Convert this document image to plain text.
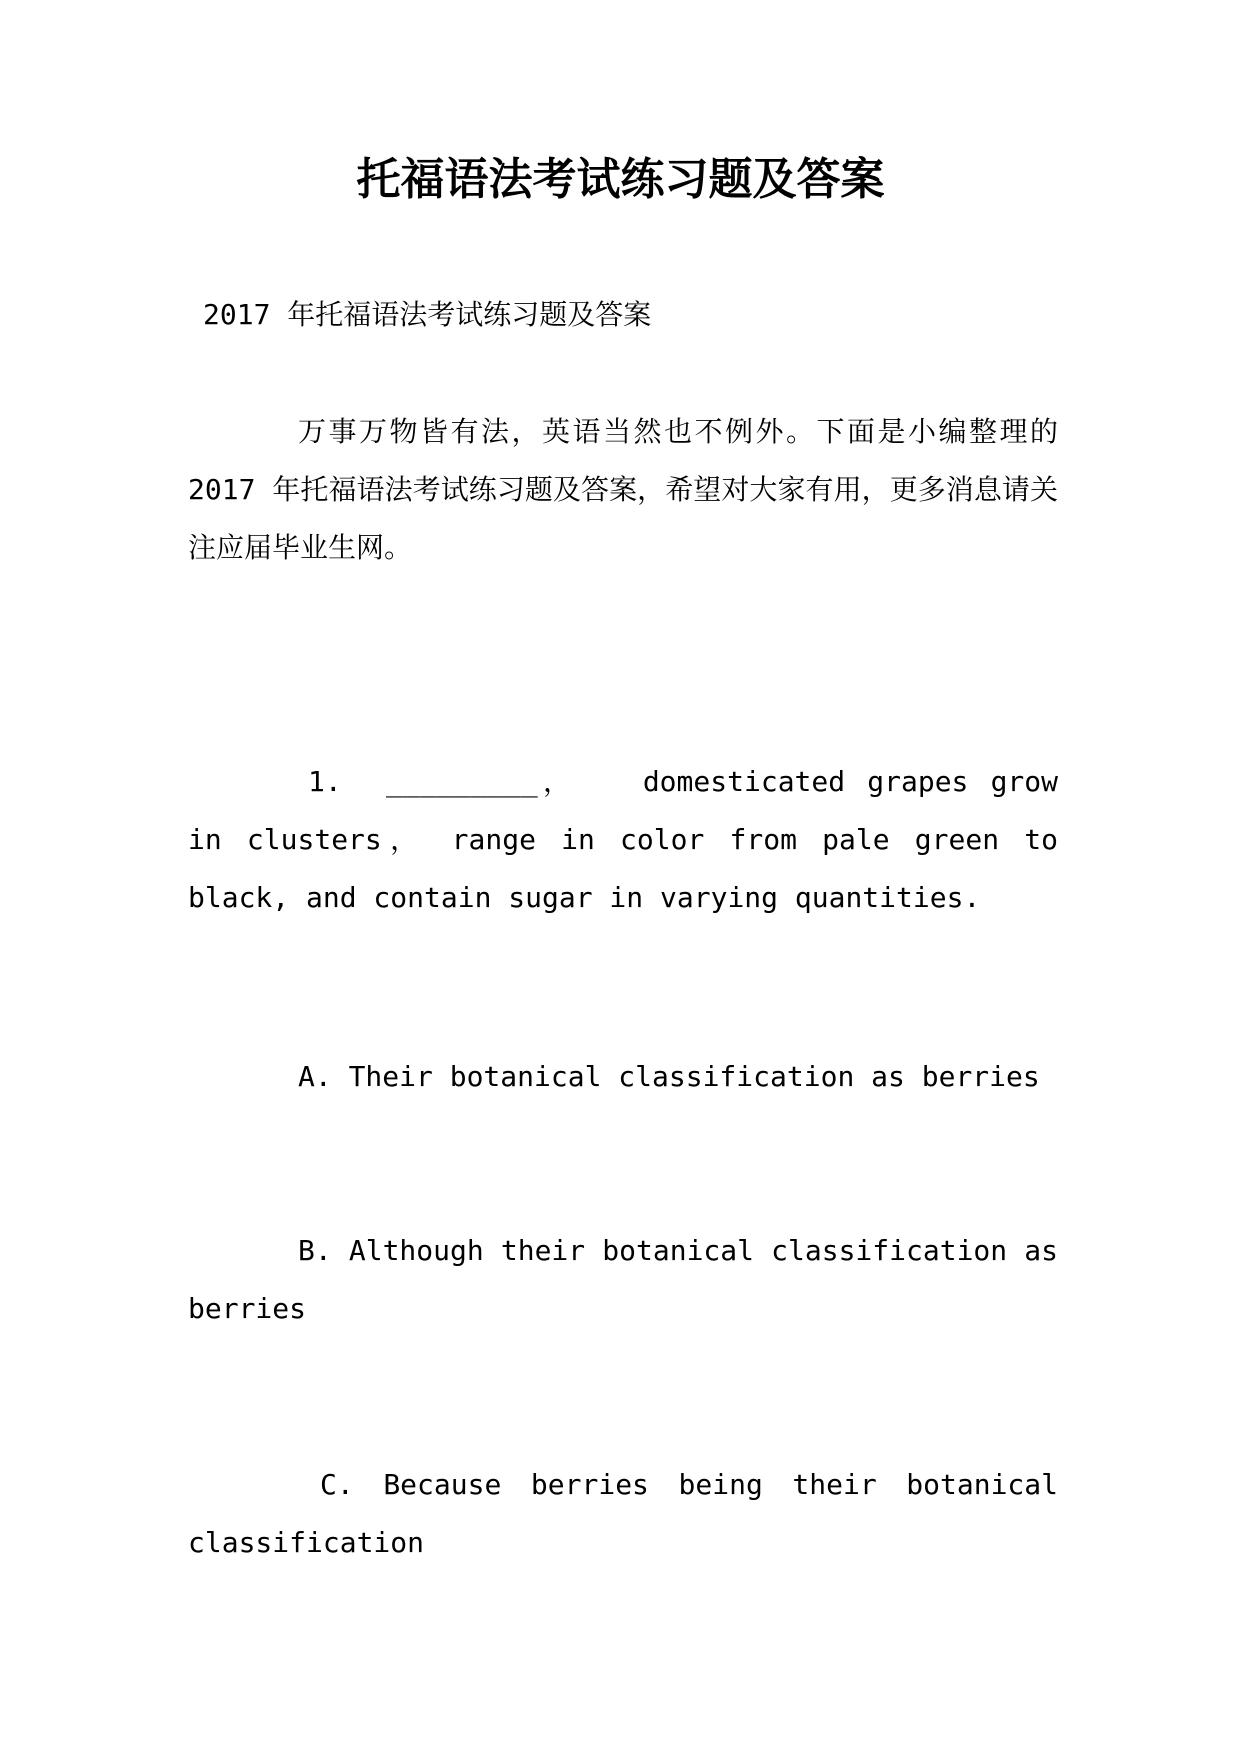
托福语法考试练习题及答案

2017 年托福语法考试练习题及答案

万事万物皆有法，英语当然也不例外。下面是小编整理的 2017 年托福语法考试练习题及答案，希望对大家有用，更多消息请关注应届毕业生网。

1. _________， domesticated grapes grow in clusters， range in color from pale green to black, and contain sugar in varying quantities.

A. Their botanical classification as berries

B. Although their botanical classification as berries

C. Because berries being their botanical classification
